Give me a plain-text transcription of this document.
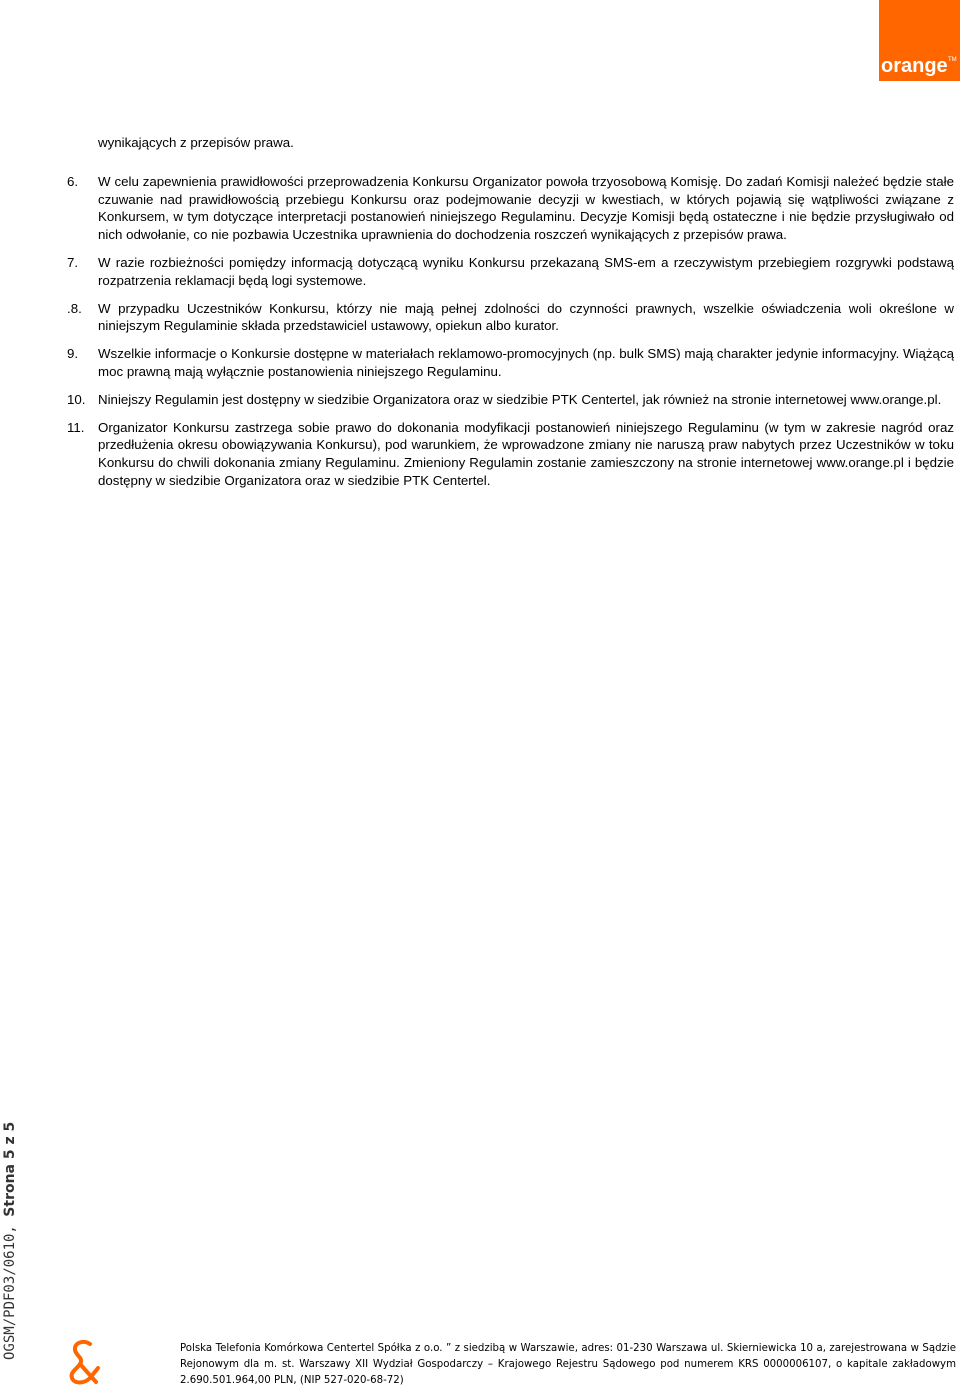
orange TM

wynikających z przepisów prawa.

6. W celu zapewnienia prawidłowości przeprowadzenia Konkursu Organizator powoła trzyosobową Komisję. Do zadań Komisji należeć będzie stałe czuwanie nad prawidłowością przebiegu Konkursu oraz podejmowanie decyzji w kwestiach, w których pojawią się wątpliwości związane z Konkursem, w tym dotyczące interpretacji postanowień niniejszego Regulaminu. Decyzje Komisji będą ostateczne i nie będzie przysługiwało od nich odwołanie, co nie pozbawia Uczestnika uprawnienia do dochodzenia roszczeń wynikających z przepisów prawa.
7. W razie rozbieżności pomiędzy informacją dotyczącą wyniku Konkursu przekazaną SMS-em a rzeczywistym przebiegiem rozgrywki podstawą rozpatrzenia reklamacji będą logi systemowe.
.8. W przypadku Uczestników Konkursu, którzy nie mają pełnej zdolności do czynności prawnych, wszelkie oświadczenia woli określone w niniejszym Regulaminie składa przedstawiciel ustawowy, opiekun albo kurator.
9. Wszelkie informacje o Konkursie dostępne w materiałach reklamowo-promocyjnych (np. bulk SMS) mają charakter jedynie informacyjny. Wiążącą moc prawną mają wyłącznie postanowienia niniejszego Regulaminu.
10. Niniejszy Regulamin jest dostępny w siedzibie Organizatora oraz w siedzibie PTK Centertel, jak również na stronie internetowej www.orange.pl.
11. Organizator Konkursu zastrzega sobie prawo do dokonania modyfikacji postanowień niniejszego Regulaminu (w tym w zakresie nagród oraz przedłużenia okresu obowiązywania Konkursu), pod warunkiem, że wprowadzone zmiany nie naruszą praw nabytych przez Uczestników w toku Konkursu do chwili dokonania zmiany Regulaminu. Zmieniony Regulamin zostanie zamieszczony na stronie internetowej www.orange.pl i będzie dostępny w siedzibie Organizatora oraz w siedzibie PTK Centertel.
OGSM/PDF03/0610, Strona 5 z 5
Polska Telefonia Komórkowa Centertel Spółka z o.o. ” z siedzibą w Warszawie, adres: 01-230 Warszawa ul. Skierniewicka 10 a, zarejestrowana w Sądzie Rejonowym dla m. st. Warszawy XII Wydział Gospodarczy – Krajowego Rejestru Sądowego pod numerem KRS 0000006107, o kapitale zakładowym 2.690.501.964,00 PLN, (NIP 527-020-68-72)
